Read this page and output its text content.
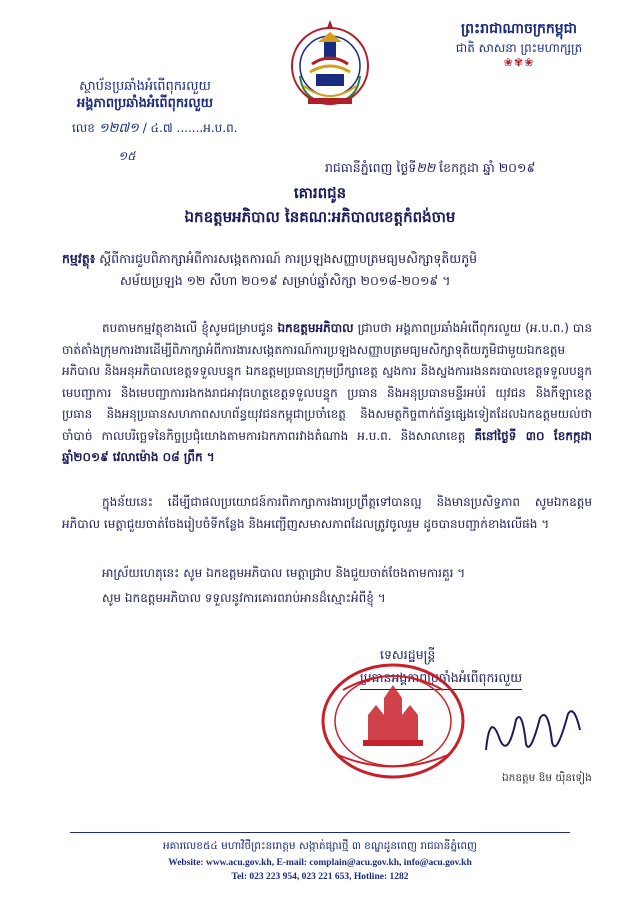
ព្រះរាជាណាចក្រកម្ពុជា
ជាតិ សាសនា ព្រះមហាក្សត្រ
❀✾❀
ស្ថាប័នប្រឆាំងអំពើពុករលួយ
អង្គភាពប្រឆាំងអំពើពុករលួយ
លេខ ១២៧១ / ៤.៧ .......អ.ប.ព.
១៥
រាជធានីភ្នំពេញ ថ្ងៃទី២២ ខែកក្កដា ឆ្នាំ ២០១៩
គោរពជូន
ឯកឧត្តមអភិបាល នៃគណៈអភិបាលខេត្តកំពង់ចាម
កម្មវត្ថុ៖ ស្តីពីការជួបពិភាក្សាអំពីការសង្កេតការណ៍ ការប្រឡងសញ្ញាបត្រមធ្យមសិក្សាទុតិយភូមិ
សម័យប្រឡង ១២ សីហា ២០១៩ សម្រាប់ឆ្នាំសិក្សា ២០១៨-២០១៩ ។

តបតាមកម្មវត្ថុខាងលើ ខ្ញុំសូមជម្រាបជូន ឯកឧត្តមអភិបាល ជ្រាបថា អង្គភាពប្រឆាំងអំពើពុករលួយ (អ.ប.ព.) បានចាត់តាំងក្រុមការងារដើម្បីពិភាក្សាអំពីការងារសង្កេតការណ៍ការប្រឡងសញ្ញាបត្រមធ្យមសិក្សាទុតិយភូមិជាមួយឯកឧត្តមអភិបាល និងអនុអភិបាលខេត្តទទួលបន្ទុក ឯកឧត្តមប្រធានក្រុមប្រឹក្សាខេត្ត ស្នងការ និងស្នងការរងនគរបាលខេត្តទទួលបន្ទុក មេបញ្ជាការ និងមេបញ្ជាការរងកងរាជអាវុធហត្ថខេត្តទទួលបន្ទុក ប្រធាន និងអនុប្រធានមន្ទីរអប់រំ យុវជន និងកីឡាខេត្ត ប្រធាន និងអនុប្រធានសហភាពសហព័ន្ធយុវជនកម្ពុជាប្រចាំខេត្ត និងសមត្ថកិច្ចពាក់ព័ន្ធផ្សេងទៀតដែលឯកឧត្តមយល់ថាចាំបាច់ កាលបរិច្ឆេទនៃកិច្ចប្រជុំយោងតាមការឯកភាពរវាងតំណាង អ.ប.ព. និងសាលាខេត្ត គឺនៅថ្ងៃទី ៣០ ខែកក្កដា ឆ្នាំ២០១៩ វេលាម៉ោង ០៨ ព្រឹក ។

ក្នុងន័យនេះ ដើម្បីជាផលប្រយោជន៍ការពិភាក្សាការងារប្រព្រឹត្តទៅបានល្អ និងមានប្រសិទ្ធភាព សូមឯកឧត្តមអភិបាល មេត្តាជួយចាត់ចែងរៀបចំទីកន្លែង និងអញ្ជើញសមាសភាពដែលត្រូវចូលរួម ដូចបានបញ្ជាក់ខាងលើផង ។

អាស្រ័យហេតុនេះ សូម ឯកឧត្តមអភិបាល មេត្តាជ្រាប និងជួយចាត់ចែងតាមការគួរ ។

សូម ឯកឧត្តមអភិបាល ទទួលនូវការគោរពរាប់អានដ៏ស្មោះអំពីខ្ញុំ ។

ទេសរដ្ឋមន្ត្រី
ប្រធានអង្គភាពប្រឆាំងអំពើពុករលួយ
ឯកឧត្តម ឱម យ៉ិនទៀង
អគារលេខ៥៤ មហាវិថីព្រះនរោត្តម សង្កាត់ផ្សារថ្មី ៣ ខណ្ឌដូនពេញ រាជធានីភ្នំពេញ
Website: www.acu.gov.kh, E-mail: complain@acu.gov.kh, info@acu.gov.kh
Tel: 023 223 954, 023 221 653, Hotline: 1282
